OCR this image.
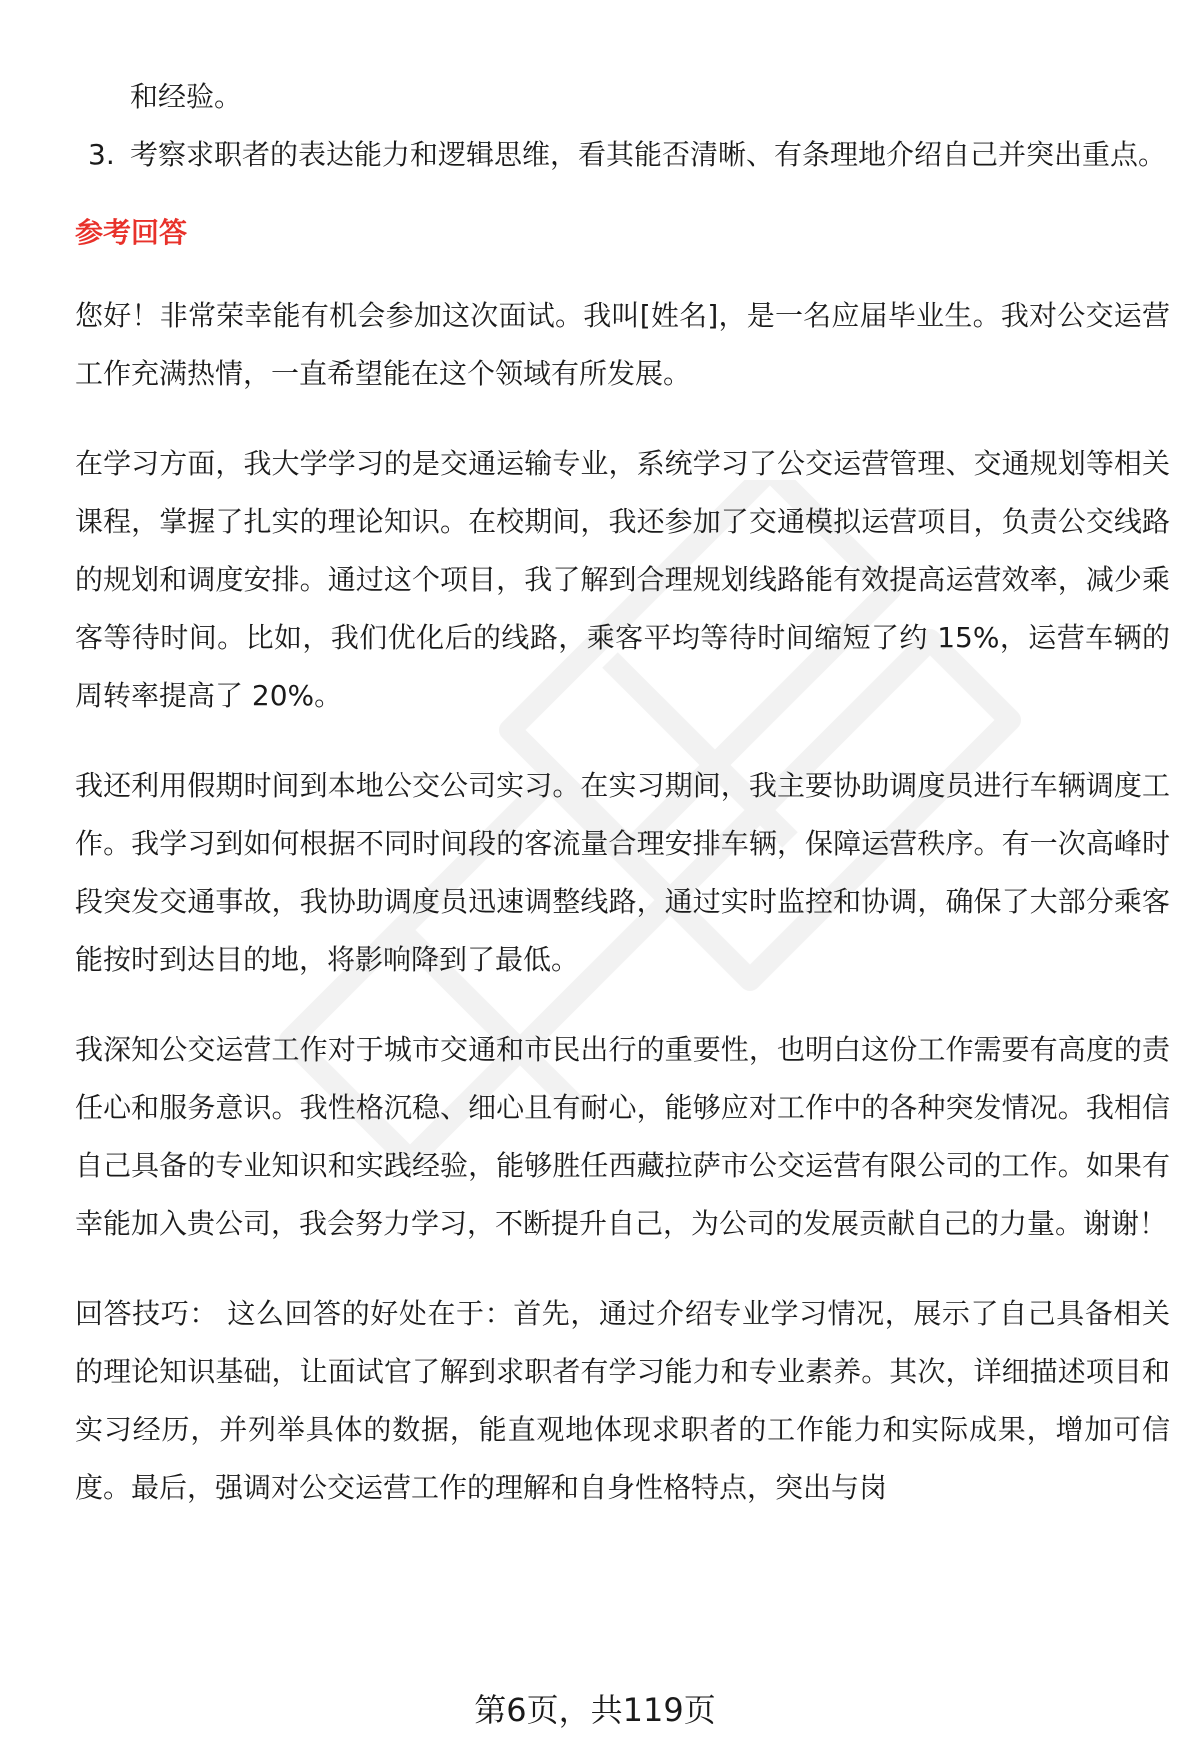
和经验。
3. 考察求职者的表达能力和逻辑思维，看其能否清晰、有条理地介绍自己并突出重点。
参考回答

您好！非常荣幸能有机会参加这次面试。我叫[姓名]，是一名应届毕业生。我对公交运营工作充满热情，一直希望能在这个领域有所发展。

在学习方面，我大学学习的是交通运输专业，系统学习了公交运营管理、交通规划等相关课程，掌握了扎实的理论知识。在校期间，我还参加了交通模拟运营项目，负责公交线路的规划和调度安排。通过这个项目，我了解到合理规划线路能有效提高运营效率，减少乘客等待时间。比如，我们优化后的线路，乘客平均等待时间缩短了约 15%，运营车辆的周转率提高了 20%。

我还利用假期时间到本地公交公司实习。在实习期间，我主要协助调度员进行车辆调度工作。我学习到如何根据不同时间段的客流量合理安排车辆，保障运营秩序。有一次高峰时段突发交通事故，我协助调度员迅速调整线路，通过实时监控和协调，确保了大部分乘客能按时到达目的地，将影响降到了最低。

我深知公交运营工作对于城市交通和市民出行的重要性，也明白这份工作需要有高度的责任心和服务意识。我性格沉稳、细心且有耐心，能够应对工作中的各种突发情况。我相信自己具备的专业知识和实践经验，能够胜任西藏拉萨市公交运营有限公司的工作。如果有幸能加入贵公司，我会努力学习，不断提升自己，为公司的发展贡献自己的力量。谢谢！

回答技巧： 这么回答的好处在于：首先，通过介绍专业学习情况，展示了自己具备相关的理论知识基础，让面试官了解到求职者有学习能力和专业素养。其次，详细描述项目和实习经历，并列举具体的数据，能直观地体现求职者的工作能力和实际成果，增加可信度。最后，强调对公交运营工作的理解和自身性格特点，突出与岗

第6页，共119页
